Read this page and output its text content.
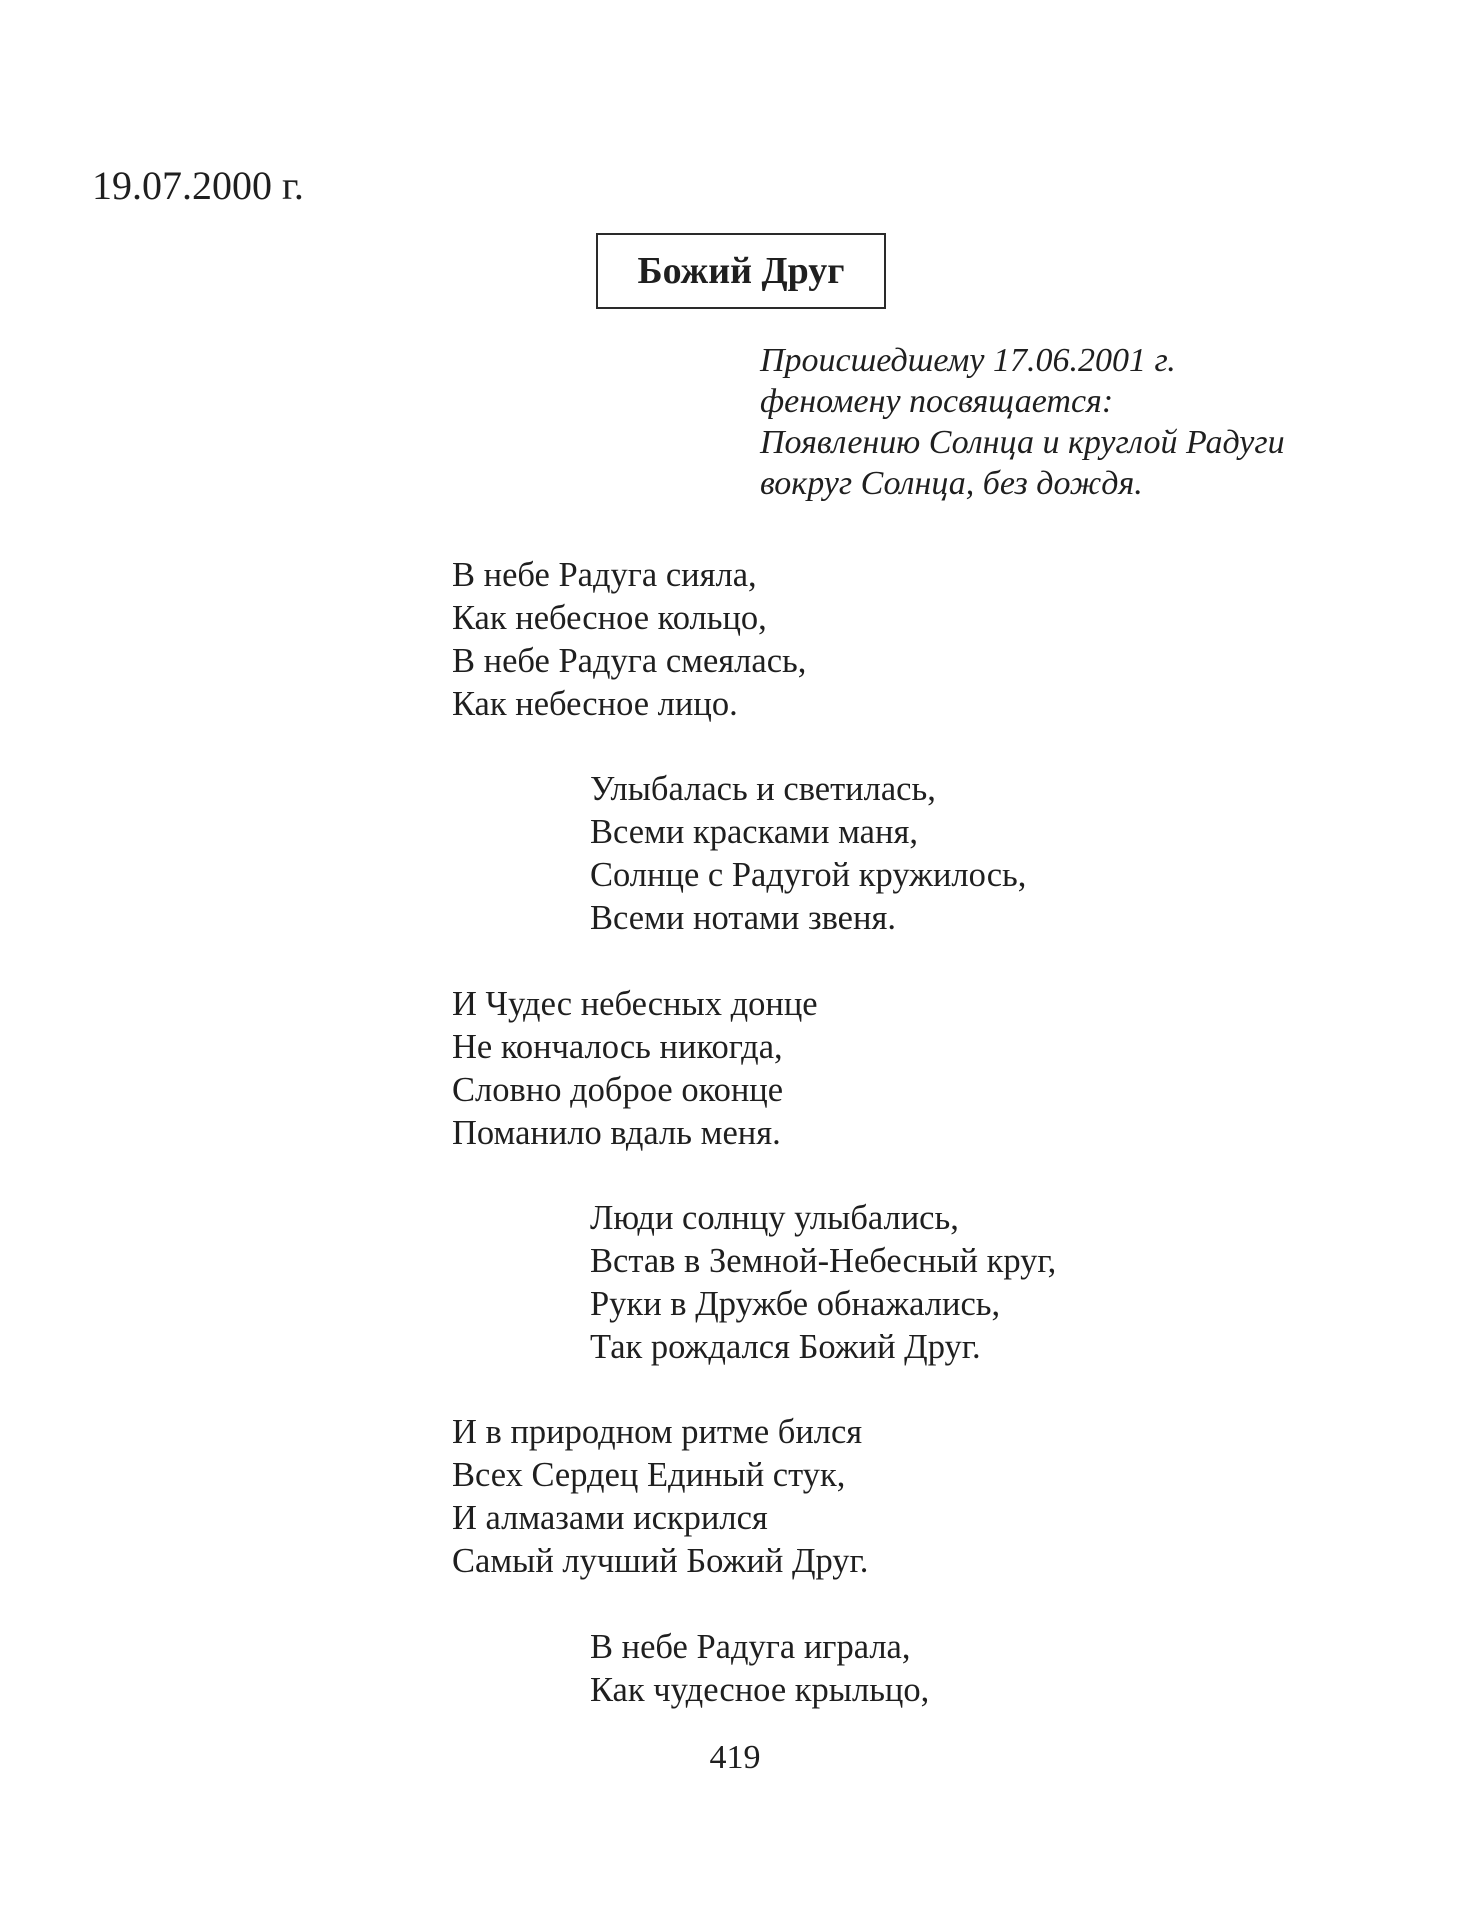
19.07.2000 г.
Божий Друг
Происшедшему 17.06.2001 г.
феномену посвящается:
Появлению Солнца и круглой Радуги
вокруг Солнца, без дождя.
В небе Радуга сияла,
Как небесное кольцо,
В небе Радуга смеялась,
Как небесное лицо.
Улыбалась и светилась,
Всеми красками маня,
Солнце с Радугой кружилось,
Всеми нотами звеня.
И Чудес небесных донце
Не кончалось никогда,
Словно доброе оконце
Поманило вдаль меня.
Люди солнцу улыбались,
Встав в Земной-Небесный круг,
Руки в Дружбе обнажались,
Так рождался Божий Друг.
И в природном ритме бился
Всех Сердец Единый стук,
И алмазами искрился
Самый лучший Божий Друг.
В небе Радуга играла,
Как чудесное крыльцо,
419
